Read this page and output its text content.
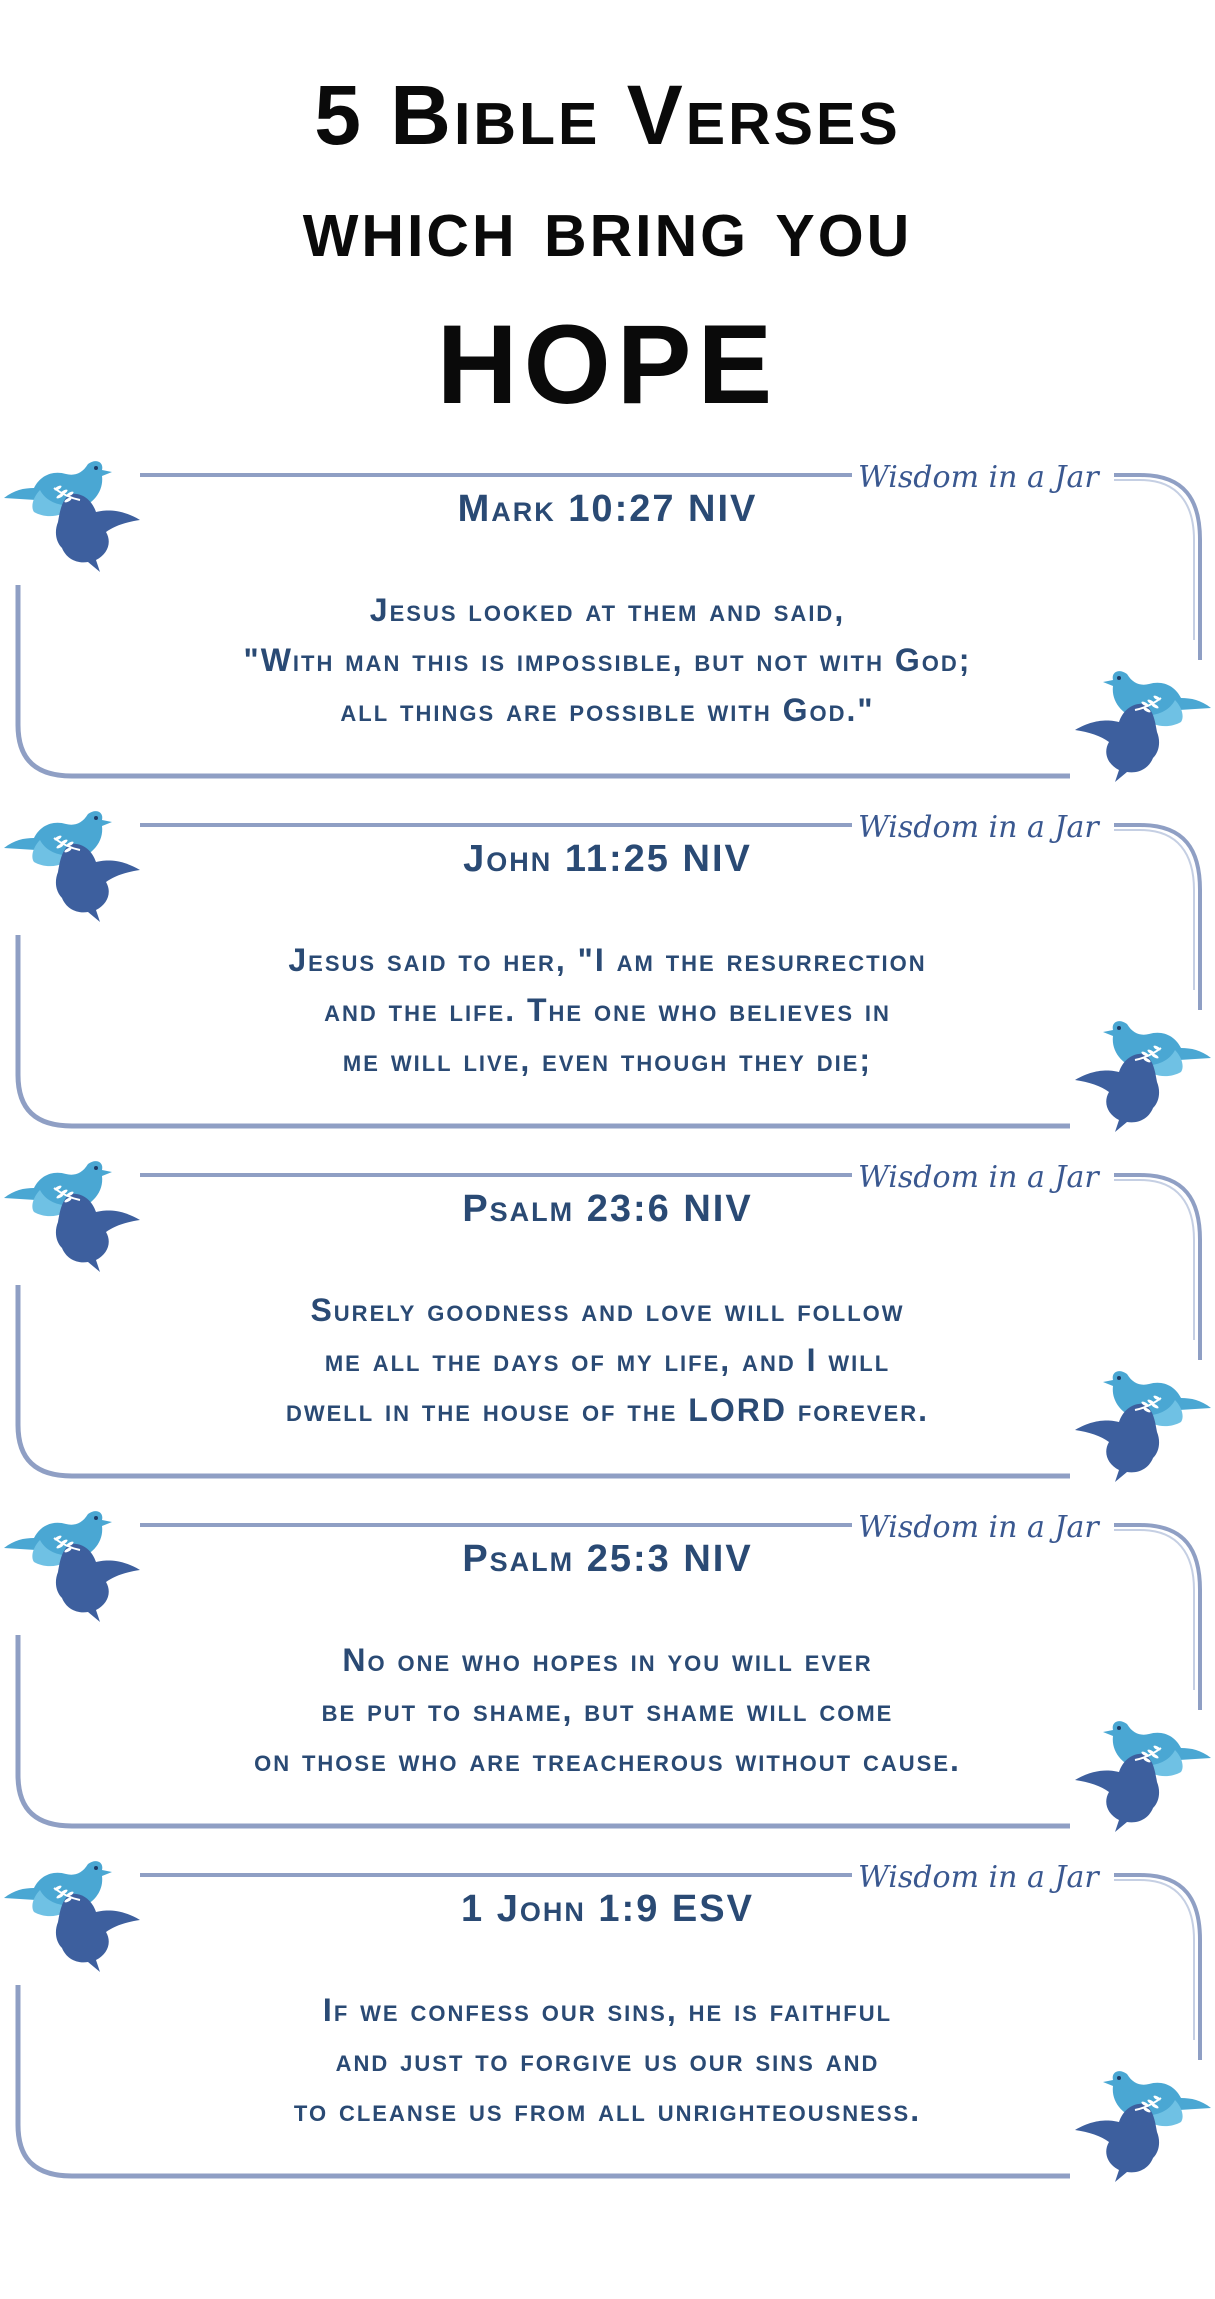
5 Bible Verses
which bring you
HOPE
Wisdom in a Jar
Mark 10:27 NIV
Jesus looked at them and said,
"With man this is impossible, but not with God;
all things are possible with God."
Wisdom in a Jar
John 11:25 NIV
Jesus said to her, "I am the resurrection
and the life. The one who believes in
me will live, even though they die;
Wisdom in a Jar
Psalm 23:6 NIV
Surely goodness and love will follow
me all the days of my life, and I will
dwell in the house of the LORD forever.
Wisdom in a Jar
Psalm 25:3 NIV
No one who hopes in you will ever
be put to shame, but shame will come
on those who are treacherous without cause.
Wisdom in a Jar
1 John 1:9 ESV
If we confess our sins, he is faithful
and just to forgive us our sins and
to cleanse us from all unrighteousness.
